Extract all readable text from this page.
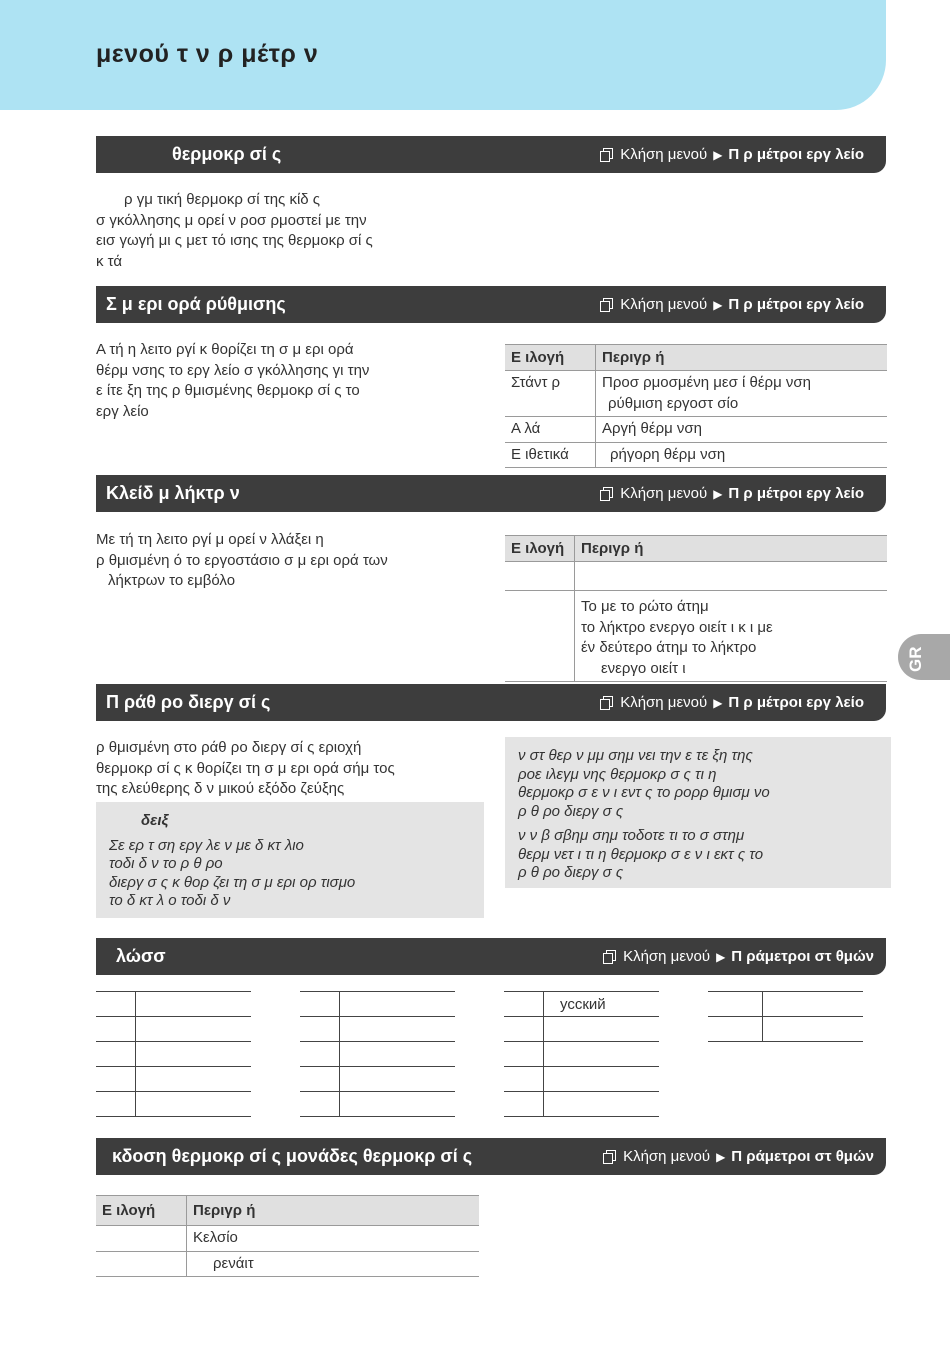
μενού τ ν ρ μέτρ ν
θερμοκρ σί ς	Κλήση μενού ▶ Π ρ μέτροι εργ λείο

ρ γμ τική θερμοκρ σί της κίδ ς

σ γκόλλησης μ ορεί ν ροσ ρμοστεί με την

εισ γωγή μι ς μετ τό ισης της θερμοκρ σί ς

κ τά

Σ μ ερι ορά ρύθμισης	Κλήση μενού ▶ Π ρ μέτροι εργ λείο

Α τή η λειτο ργί κ θορίζει τη σ μ ερι ορά

θέρμ νσης το εργ λείο σ γκόλλησης γι την

ε ίτε ξη της ρ θμισμένης θερμοκρ σί ς το

εργ λείο

Ε ιλογή	Περιγρ ή
Στάντ ρ	Προσ ρμοσμένη μεσ ί θέρμ νση
ρύθμιση εργοστ σίο

Α λά	Αργή θέρμ νση
Ε ιθετικά	ρήγορη θέρμ νση
Κλείδ μ λήκτρ ν	Κλήση μενού ▶ Π ρ μέτροι εργ λείο

Με τή τη λειτο ργί μ ορεί ν λλάξει η

ρ θμισμένη ό το εργοστάσιο σ μ ερι ορά των

λήκτρων το εμβόλο

Ε ιλογή	Περιγρ ή

	Το με το ρώτο άτημ
το λήκτρο ενεργο οιείτ ι κ ι με
έν δεύτερο άτημ το λήκτρο
ενεργο οιείτ ι
Π ράθ ρο διεργ σί ς	Κλήση μενού ▶ Π ρ μέτροι εργ λείο

ρ θμισμένη στο ράθ ρο διεργ σί ς εριοχή

θερμοκρ σί ς κ θορίζει τη σ μ ερι ορά σήμ τος

της ελεύθερης δ ν μικού εξόδο ζεύξης

δειξ

Σε ερ τ ση εργ λε ν με δ κτ λιο

τοδι δ ν το ρ θ ρο

διεργ σ ς κ θορ ζει τη σ μ ερι ορ τισμο

το δ κτ λ ο τοδι δ ν

ν στ θερ ν μμ σημ νει την ε τε ξη της

ροε ιλεγμ νης θερμοκρ σ ς τι η

θερμοκρ σ ε ν ι εντ ς το ρορρ θμισμ νο

ρ θ ρο διεργ σ ς

ν ν β σβημ σημ τοδοτε τι το σ στημ

θερμ νετ ι τι η θερμοκρ σ ε ν ι εκτ ς το

ρ θ ρο διεργ σ ς

λώσσ	Κλήση μενού ▶ Π ράμετροι στ θμών

	усский

κδοση θερμοκρ σί ς μονάδες θερμοκρ σί ς	Κλήση μενού ▶ Π ράμετροι στ θμών
Ε ιλογή	Περιγρ ή
	Κελσίο
	ρενάιτ
GR
